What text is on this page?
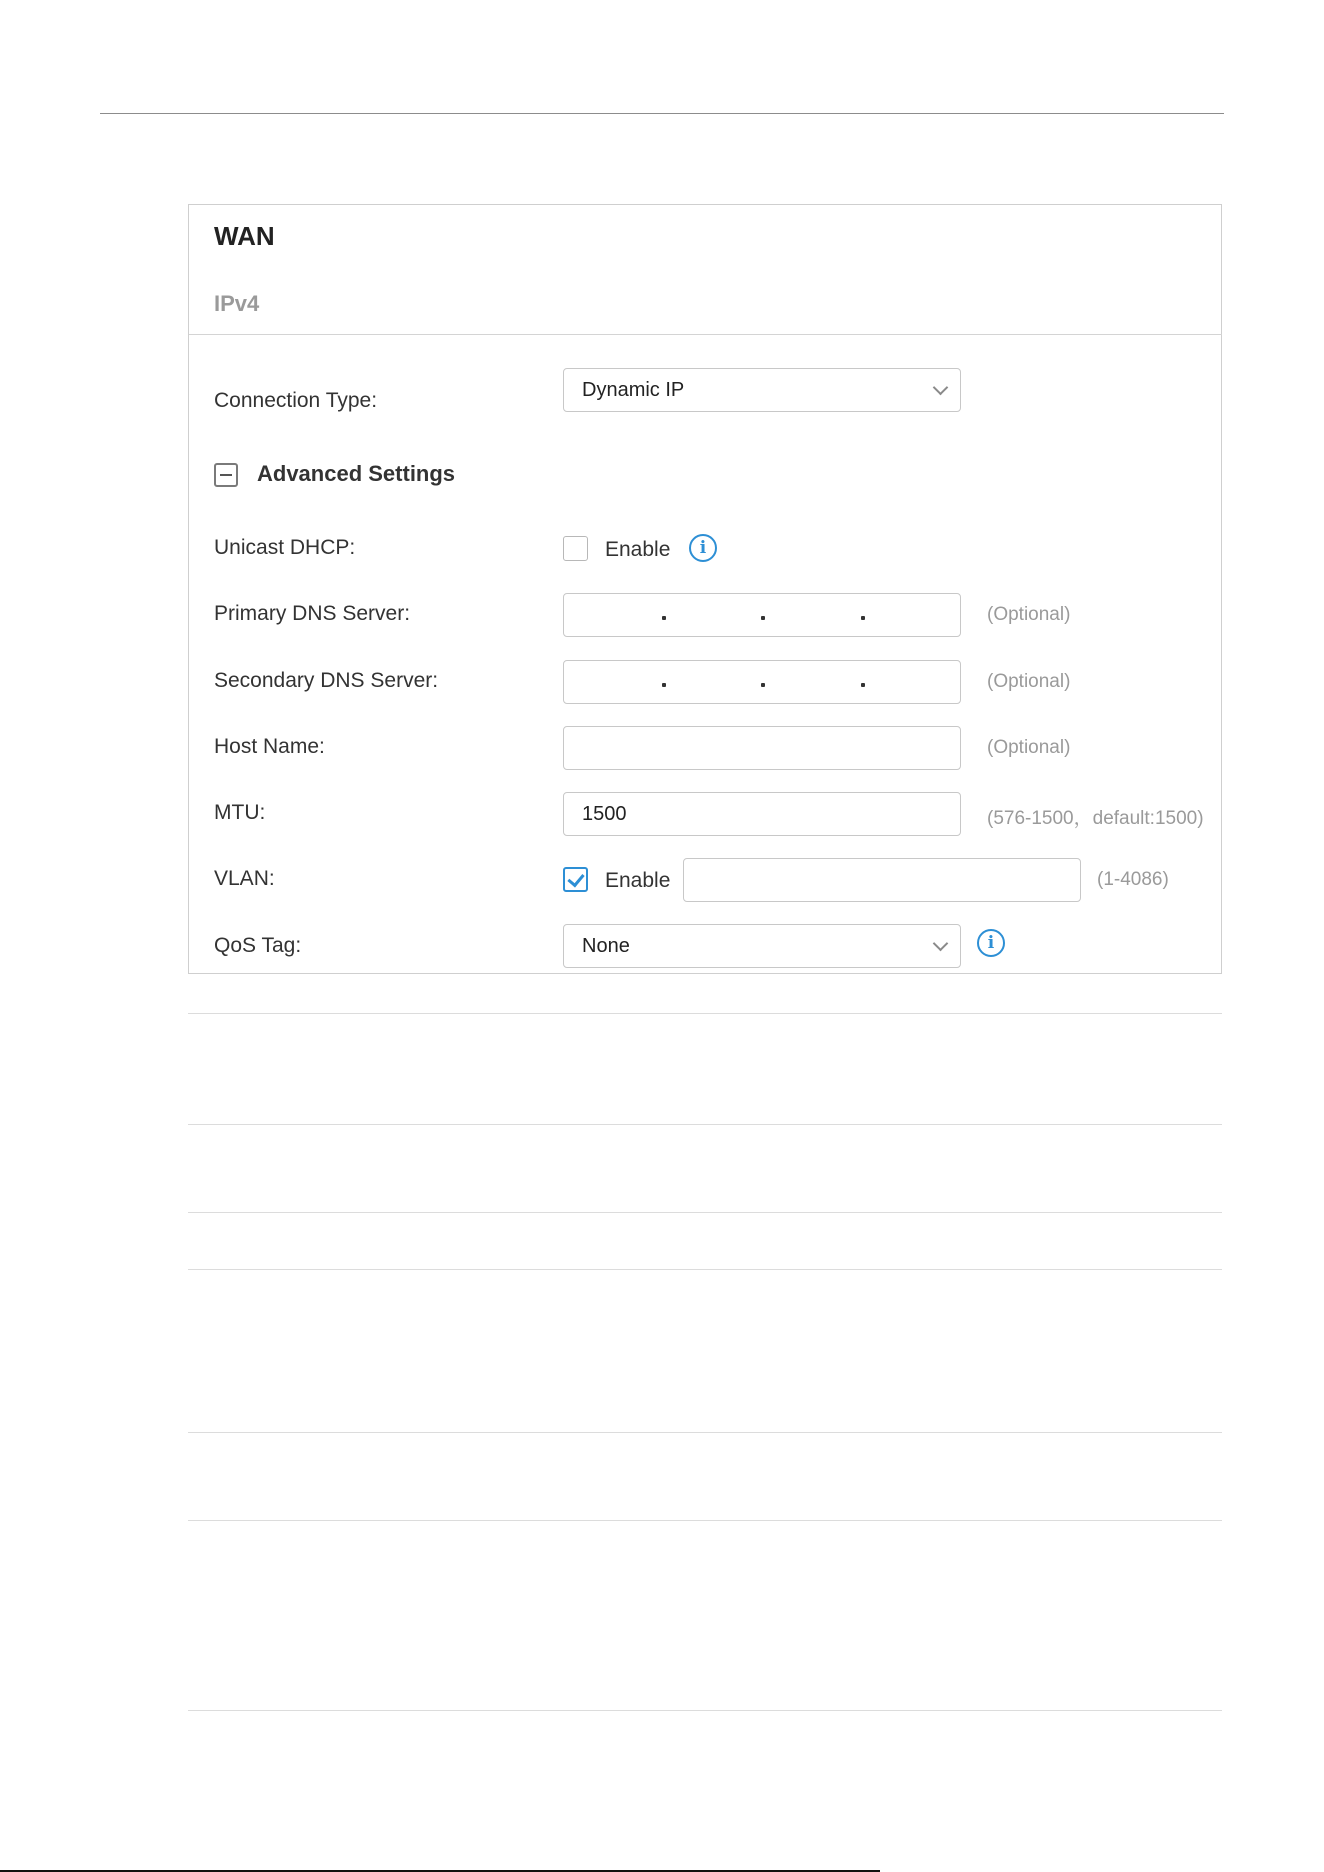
WAN
IPv4
Connection Type:	Dynamic IP
Advanced Settings
Unicast DHCP:	Enable	i
Primary DNS Server:	(Optional)
Secondary DNS Server:	(Optional)
Host Name:	(Optional)
MTU:	1500	(576-1500，default:1500)
VLAN:	Enable	(1-4086)
QoS Tag:	None	i
